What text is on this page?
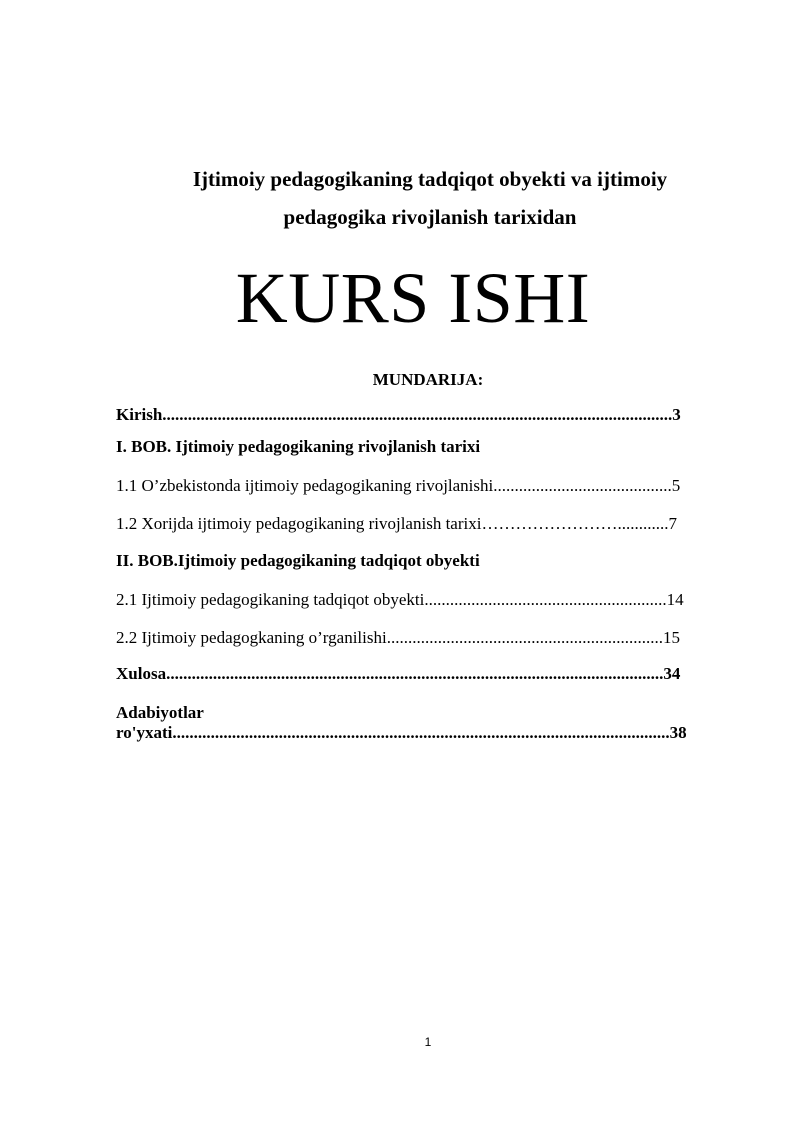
Ijtimoiy pedagogikaning tadqiqot obyekti va ijtimoiy
pedagogika rivojlanish tarixidan
KURS ISHI
MUNDARIJA:
Kirish........................................................................................................................3
I. BOB. Ijtimoiy pedagogikaning rivojlanish tarixi
1.1 O’zbekistonda ijtimoiy pedagogikaning rivojlanishi..........................................5
1.2 Xorijda ijtimoiy pedagogikaning rivojlanish tarixi……………………............7
II. BOB.Ijtimoiy pedagogikaning tadqiqot obyekti
2.1 Ijtimoiy pedagogikaning tadqiqot obyekti.........................................................14
2.2 Ijtimoiy pedagogkaning o’rganilishi.................................................................15
Xulosa.....................................................................................................................34
Adabiyotlar
ro'yxati.....................................................................................................................38
1
